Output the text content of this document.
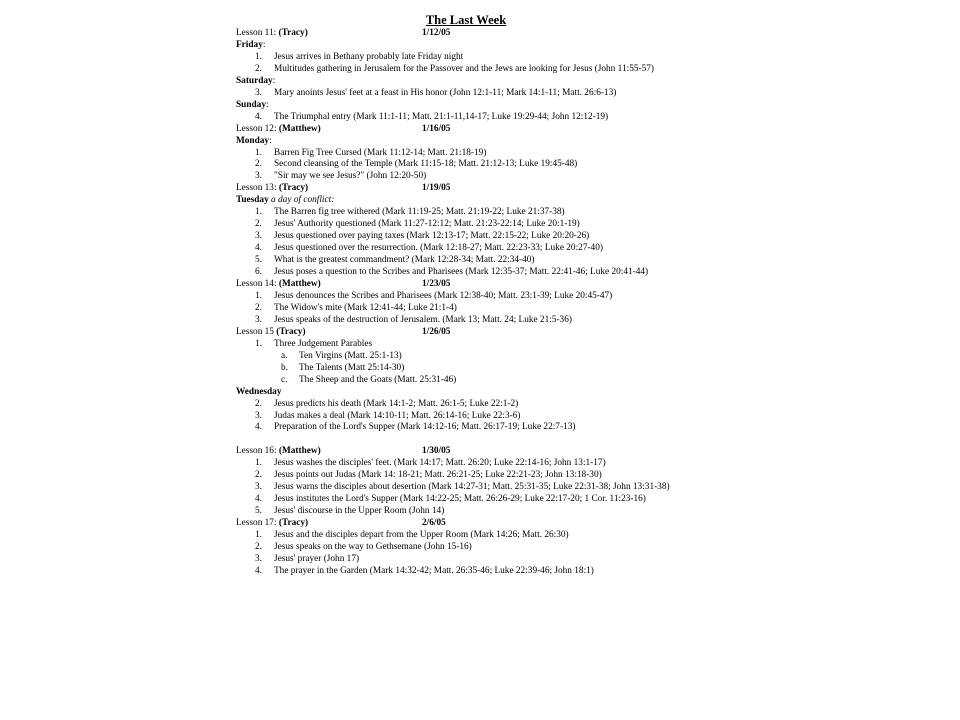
The Last Week
Lesson 11: (Tracy)	1/12/05
Friday:
1. Jesus arrives in Bethany probably late Friday night
2. Multitudes gathering in Jerusalem for the Passover and the Jews are looking for Jesus (John 11:55-57)
Saturday:
3. Mary anoints Jesus' feet at a feast in His honor (John 12:1-11; Mark 14:1-11; Matt. 26:6-13)
Sunday:
4. The Triumphal entry (Mark 11:1-11; Matt. 21:1-11,14-17; Luke 19:29-44; John 12:12-19)
Lesson 12: (Matthew)	1/16/05
Monday:
1. Barren Fig Tree Cursed (Mark 11:12-14; Matt. 21:18-19)
2. Second cleansing of the Temple (Mark 11:15-18; Matt. 21:12-13; Luke 19:45-48)
3. "Sir may we see Jesus?" (John 12:20-50)
Lesson 13: (Tracy)	1/19/05
Tuesday a day of conflict:
1. The Barren fig tree withered (Mark 11:19-25; Matt. 21:19-22; Luke 21:37-38)
2. Jesus' Authority questioned (Mark 11:27-12:12; Matt. 21:23-22:14; Luke 20:1-19)
3. Jesus questioned over paying taxes (Mark 12:13-17; Matt. 22:15-22; Luke 20:20-26)
4. Jesus questioned over the resurrection. (Mark 12:18-27; Matt. 22:23-33; Luke 20:27-40)
5. What is the greatest commandment? (Mark 12:28-34; Matt. 22:34-40)
6. Jesus poses a question to the Scribes and Pharisees (Mark 12:35-37; Matt. 22:41-46; Luke 20:41-44)
Lesson 14: (Matthew)	1/23/05
1. Jesus denounces the Scribes and Pharisees (Mark 12:38-40; Matt. 23:1-39; Luke 20:45-47)
2. The Widow's mite (Mark 12:41-44; Luke 21:1-4)
3. Jesus speaks of the destruction of Jerusalem. (Mark 13; Matt. 24; Luke 21:5-36)
Lesson 15 (Tracy)	1/26/05
1. Three Judgement Parables
a. Ten Virgins (Matt. 25:1-13)
b. The Talents (Matt 25:14-30)
c. The Sheep and the Goats (Matt. 25:31-46)
Wednesday
2. Jesus predicts his death (Mark 14:1-2; Matt. 26:1-5; Luke 22:1-2)
3. Judas makes a deal (Mark 14:10-11; Matt. 26:14-16; Luke 22:3-6)
4. Preparation of the Lord's Supper (Mark 14:12-16; Matt. 26:17-19; Luke 22:7-13)
Lesson 16: (Matthew)	1/30/05
1. Jesus washes the disciples' feet. (Mark 14:17; Matt. 26:20; Luke 22:14-16; John 13:1-17)
2. Jesus points out Judas (Mark 14: 18-21; Matt. 26:21-25; Luke 22:21-23; John 13:18-30)
3. Jesus warns the disciples about desertion (Mark 14:27-31; Matt. 25:31-35; Luke 22:31-38; John 13:31-38)
4. Jesus institutes the Lord's Supper (Mark 14:22-25; Matt. 26:26-29; Luke 22:17-20; 1 Cor. 11:23-16)
5. Jesus' discourse in the Upper Room (John 14)
Lesson 17: (Tracy)	2/6/05
1. Jesus and the disciples depart from the Upper Room (Mark 14:26; Matt. 26:30)
2. Jesus speaks on the way to Gethsemane (John 15-16)
3. Jesus' prayer (John 17)
4. The prayer in the Garden (Mark 14:32-42; Matt. 26:35-46; Luke 22:39-46; John 18:1)
